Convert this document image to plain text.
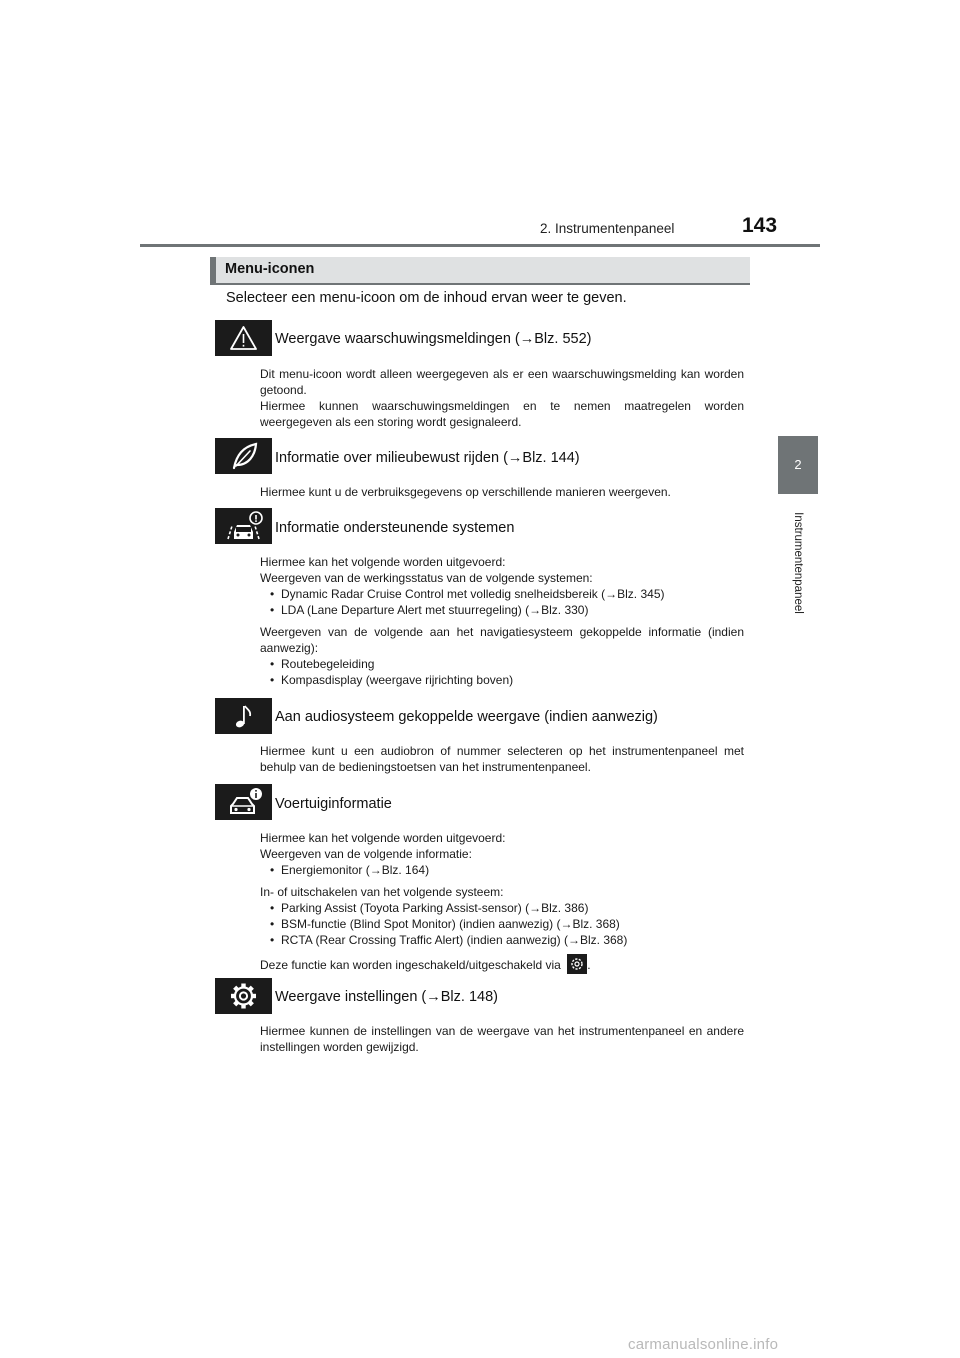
2. Instrumentenpaneel	143
2
Instrumentenpaneel
Menu-iconen
Selecteer een menu-icoon om de inhoud ervan weer te geven.
Weergave waarschuwingsmeldingen (→Blz. 552)

Dit menu-icoon wordt alleen weergegeven als er een waarschuwingsmelding kan worden getoond.

Hiermee kunnen waarschuwingsmeldingen en te nemen maatregelen worden weergegeven als een storing wordt gesignaleerd.

Informatie over milieubewust rijden (→Blz. 144)

Hiermee kunt u de verbruiksgegevens op verschillende manieren weergeven.

Informatie ondersteunende systemen

Hiermee kan het volgende worden uitgevoerd:

Weergeven van de werkingsstatus van de volgende systemen:

• Dynamic Radar Cruise Control met volledig snelheidsbereik (→Blz. 345)

• LDA (Lane Departure Alert met stuurregeling) (→Blz. 330)

Weergeven van de volgende aan het navigatiesysteem gekoppelde informatie (indien aanwezig):

• Routebegeleiding

• Kompasdisplay (weergave rijrichting boven)

Aan audiosysteem gekoppelde weergave (indien aanwezig)

Hiermee kunt u een audiobron of nummer selecteren op het instrumentenpaneel met behulp van de bedieningstoetsen van het instrumentenpaneel.

Voertuiginformatie

Hiermee kan het volgende worden uitgevoerd:

Weergeven van de volgende informatie:

• Energiemonitor (→Blz. 164)

In- of uitschakelen van het volgende systeem:

• Parking Assist (Toyota Parking Assist-sensor) (→Blz. 386)

• BSM-functie (Blind Spot Monitor) (indien aanwezig) (→Blz. 368)

• RCTA (Rear Crossing Traffic Alert) (indien aanwezig) (→Blz. 368)

Deze functie kan worden ingeschakeld/uitgeschakeld via .

Weergave instellingen (→Blz. 148)

Hiermee kunnen de instellingen van de weergave van het instrumentenpaneel en andere instellingen worden gewijzigd.

carmanualsonline.info
